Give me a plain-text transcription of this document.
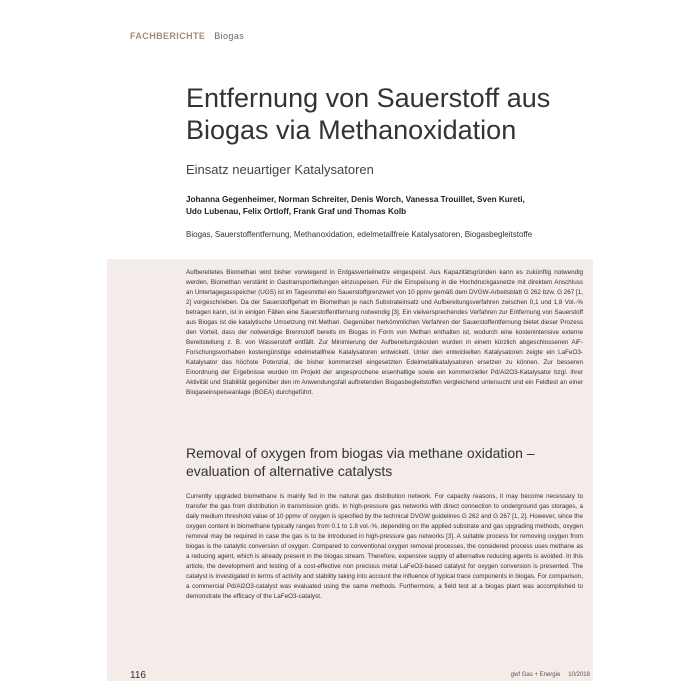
FACHBERICHTE Biogas
Entfernung von Sauerstoff aus
Biogas via Methanoxidation
Einsatz neuartiger Katalysatoren
Johanna Gegenheimer, Norman Schreiter, Denis Worch, Vanessa Trouillet, Sven Kureti,
Udo Lubenau, Felix Ortloff, Frank Graf und Thomas Kolb
Biogas, Sauerstoffentfernung, Methanoxidation, edelmetallfreie Katalysatoren, Biogasbegleitstoffe

Aufbereitetes Biomethan wird bisher vorwiegend in Erdgasverteilnetze eingespeist. Aus Kapazitätsgründen kann es zukünftig notwendig werden, Biomethan verstärkt in Gastransportleitungen einzuspeisen. Für die Einspeisung in die Hochdruckgasnetze mit direktem Anschluss an Untertagegasspeicher (UGS) ist im Tagesmittel ein Sauerstoffgrenzwert von 10 ppmv gemäß dem DVGW-Arbeitsblatt G 262 bzw. G 267 [1, 2] vorgeschrieben. Da der Sauerstoffgehalt im Biomethan je nach Substrateinsatz und Aufbereitungsverfahren zwischen 0,1 und 1,8 Vol.-% betragen kann, ist in einigen Fällen eine Sauerstoffentfernung notwendig [3]. Ein vielversprechendes Verfahren zur Entfernung von Sauerstoff aus Biogas ist die katalytische Umsetzung mit Methan. Gegenüber herkömmlichen Verfahren der Sauerstoffentfernung bietet dieser Prozess den Vorteil, dass der notwendige Brennstoff bereits im Biogas in Form von Methan enthalten ist, wodurch eine kostenintensive externe Bereitstellung z. B. von Wasserstoff entfällt. Zur Minimierung der Aufbereitungskosten wurden in einem kürzlich abgeschlossenen AiF-Forschungsvorhaben kostengünstige edelmetallfreie Katalysatoren entwickelt. Unter den entwickelten Katalysatoren zeigte ein LaFeO3-Katalysator das höchste Potenzial, die bisher kommerziell eingesetzten Edelmetallkatalysatoren ersetzen zu können. Zur besseren Einordnung der Ergebnisse wurden im Projekt der angesprochene eisenhaltige sowie ein kommerzieller Pd/Al2O3-Katalysator bzgl. ihrer Aktivität und Stabilität gegenüber den im Anwendungsfall auftretenden Biogasbegleitstoffen vergleichend untersucht und ein Feldtest an einer Biogaseinspeiseanlage (BGEA) durchgeführt.

Removal of oxygen from biogas via methane oxidation – evaluation of alternative catalysts

Currently upgraded biomethane is mainly fed in the natural gas distribution network. For capacity reasons, it may become necessary to transfer the gas from distribution in transmission grids. In high-pressure gas networks with direct connection to underground gas storages, a daily medium threshold value of 10 ppmv of oxygen is specified by the technical DVGW guidelines G 262 and G 267 [1, 2]. However, since the oxygen content in biomethane typically ranges from 0.1 to 1.8 vol.-%, depending on the applied substrate and gas upgrading methods, oxygen removal may be required in case the gas is to be introduced in high-pressure gas networks [3]. A suitable process for removing oxygen from biogas is the catalytic conversion of oxygen. Compared to conventional oxygen removal processes, the considered process uses methane as a reducing agent, which is already present in the biogas stream. Therefore, expensive supply of alternative reducing agents is avoided. In this article, the development and testing of a cost-effective non precious metal LaFeO3-based catalyst for oxygen conversion is presented. The catalyst is investigated in terms of activity and stability taking into account the influence of typical trace components in biogas. For comparison, a commercial Pd/Al2O3-catalyst was evaluated using the same methods. Furthermore, a field test at a biogas plant was accomplished to demonstrate the efficacy of the LaFeO3-catalyst.

116	gwf Gas + Energie 10/2018
